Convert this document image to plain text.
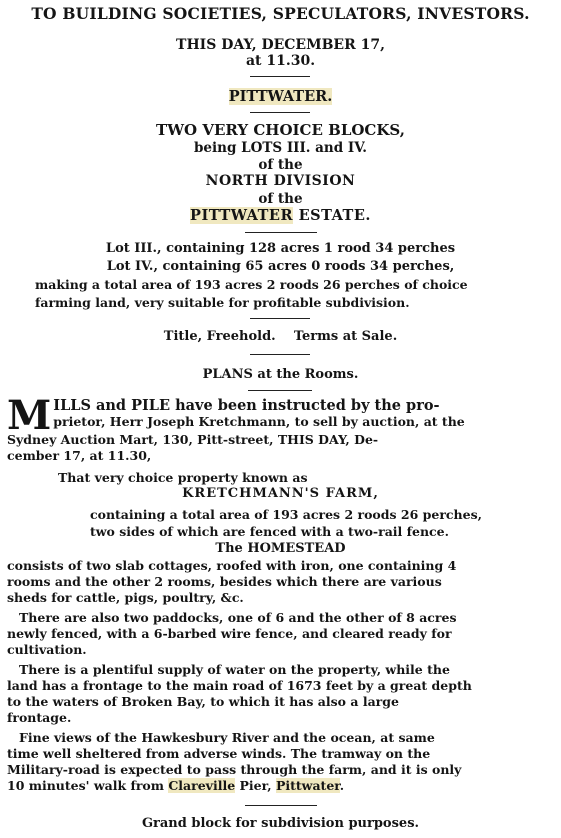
TO BUILDING SOCIETIES, SPECULATORS, INVESTORS.
THIS DAY, DECEMBER 17,
at 11.30.
PITTWATER.
TWO VERY CHOICE BLOCKS,
being LOTS III. and IV.
of the
NORTH DIVISION
of the
PITTWATER ESTATE.
Lot III., containing 128 acres 1 rood 34 perches
Lot IV., containing 65 acres 0 roods 34 perches,
making a total area of 193 acres 2 roods 26 perches of choice
farming land, very suitable for profitable subdivision.
Title, Freehold.    Terms at Sale.
PLANS at the Rooms.
M ILLS and PILE have been instructed by the pro-
prietor, Herr Joseph Kretchmann, to sell by auction, at the
Sydney Auction Mart, 130, Pitt-street, THIS DAY, De-
cember 17, at 11.30,
That very choice property known as
KRETCHMANN'S FARM,
containing a total area of 193 acres 2 roods 26 perches,
two sides of which are fenced with a two-rail fence.
The HOMESTEAD
consists of two slab cottages, roofed with iron, one containing 4
rooms and the other 2 rooms, besides which there are various
sheds for cattle, pigs, poultry, &c.
There are also two paddocks, one of 6 and the other of 8 acres
newly fenced, with a 6-barbed wire fence, and cleared ready for
cultivation.
There is a plentiful supply of water on the property, while the
land has a frontage to the main road of 1673 feet by a great depth
to the waters of Broken Bay, to which it has also a large
frontage.
Fine views of the Hawkesbury River and the ocean, at same
time well sheltered from adverse winds. The tramway on the
Military-road is expected to pass through the farm, and it is only
10 minutes' walk from Clareville Pier, Pittwater.
Grand block for subdivision purposes.
